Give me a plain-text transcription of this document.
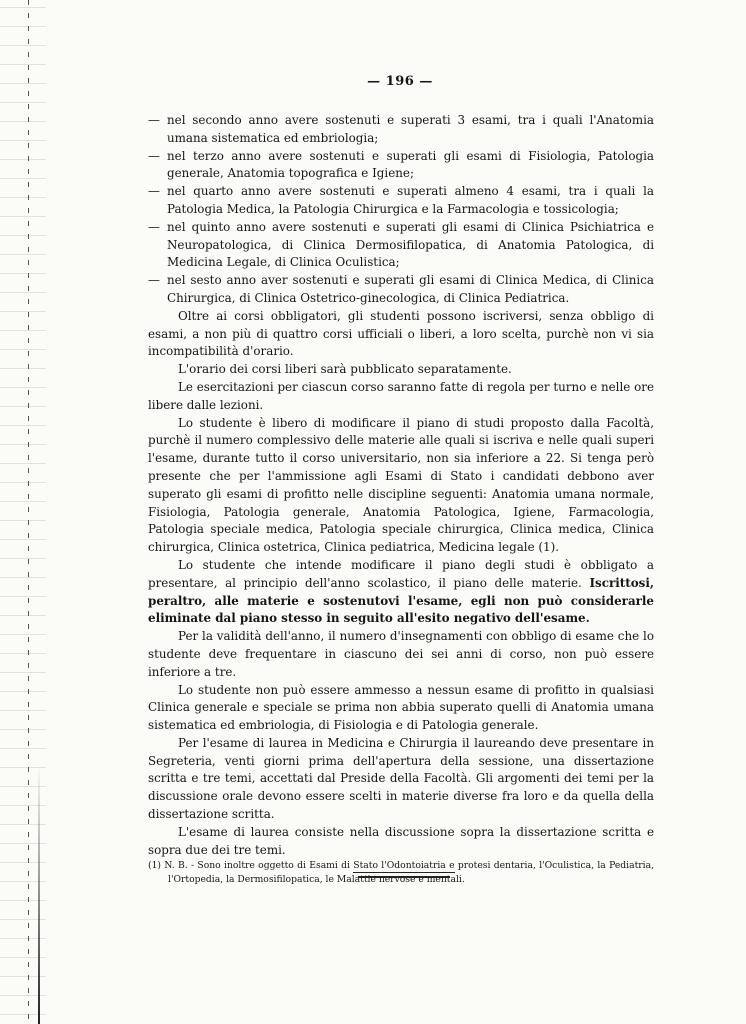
— 196 —

— nel secondo anno avere sostenuti e superati 3 esami, tra i quali l'Anatomia umana sistematica ed embriologia;

— nel terzo anno avere sostenuti e superati gli esami di Fisiologia, Patologia generale, Anatomia topografica e Igiene;

— nel quarto anno avere sostenuti e superati almeno 4 esami, tra i quali la Patologia Medica, la Patologia Chirurgica e la Farmacologia e tossicologia;

— nel quinto anno avere sostenuti e superati gli esami di Clinica Psichiatrica e Neuropatologica, di Clinica Dermosifilopatica, di Anatomia Patologica, di Medicina Legale, di Clinica Oculistica;

— nel sesto anno aver sostenuti e superati gli esami di Clinica Medica, di Clinica Chirurgica, di Clinica Ostetrico-ginecologica, di Clinica Pediatrica.

Oltre ai corsi obbligatori, gli studenti possono iscriversi, senza obbligo di esami, a non più di quattro corsi ufficiali o liberi, a loro scelta, purchè non vi sia incompatibilità d'orario.

L'orario dei corsi liberi sarà pubblicato separatamente.

Le esercitazioni per ciascun corso saranno fatte di regola per turno e nelle ore libere dalle lezioni.

Lo studente è libero di modificare il piano di studi proposto dalla Facoltà, purchè il numero complessivo delle materie alle quali si iscriva e nelle quali superi l'esame, durante tutto il corso universitario, non sia inferiore a 22. Si tenga però presente che per l'ammissione agli Esami di Stato i candidati debbono aver superato gli esami di profitto nelle discipline seguenti: Anatomia umana normale, Fisiologia, Patologia generale, Anatomia Patologica, Igiene, Farmacologia, Patologia speciale medica, Patologia speciale chirurgica, Clinica medica, Clinica chirurgica, Clinica ostetrica, Clinica pediatrica, Medicina legale (1).

Lo studente che intende modificare il piano degli studi è obbligato a presentare, al principio dell'anno scolastico, il piano delle materie. Iscrittosi, peraltro, alle materie e sostenutovi l'esame, egli non può considerarle eliminate dal piano stesso in seguito all'esito negativo dell'esame.

Per la validità dell'anno, il numero d'insegnamenti con obbligo di esame che lo studente deve frequentare in ciascuno dei sei anni di corso, non può essere inferiore a tre.

Lo studente non può essere ammesso a nessun esame di profitto in qualsiasi Clinica generale e speciale se prima non abbia superato quelli di Anatomia umana sistematica ed embriologia, di Fisiologia e di Patologia generale.

Per l'esame di laurea in Medicina e Chirurgia il laureando deve presentare in Segreteria, venti giorni prima dell'apertura della sessione, una dissertazione scritta e tre temi, accettati dal Preside della Facoltà. Gli argomenti dei temi per la discussione orale devono essere scelti in materie diverse fra loro e da quella della dissertazione scritta.

L'esame di laurea consiste nella discussione sopra la dissertazione scritta e sopra due dei tre temi.

(1) N. B. - Sono inoltre oggetto di Esami di Stato l'Odontoiatria e protesi dentaria, l'Oculistica, la Pediatria, l'Ortopedia, la Dermosifilopatica, le Malattie nervose e mentali.
